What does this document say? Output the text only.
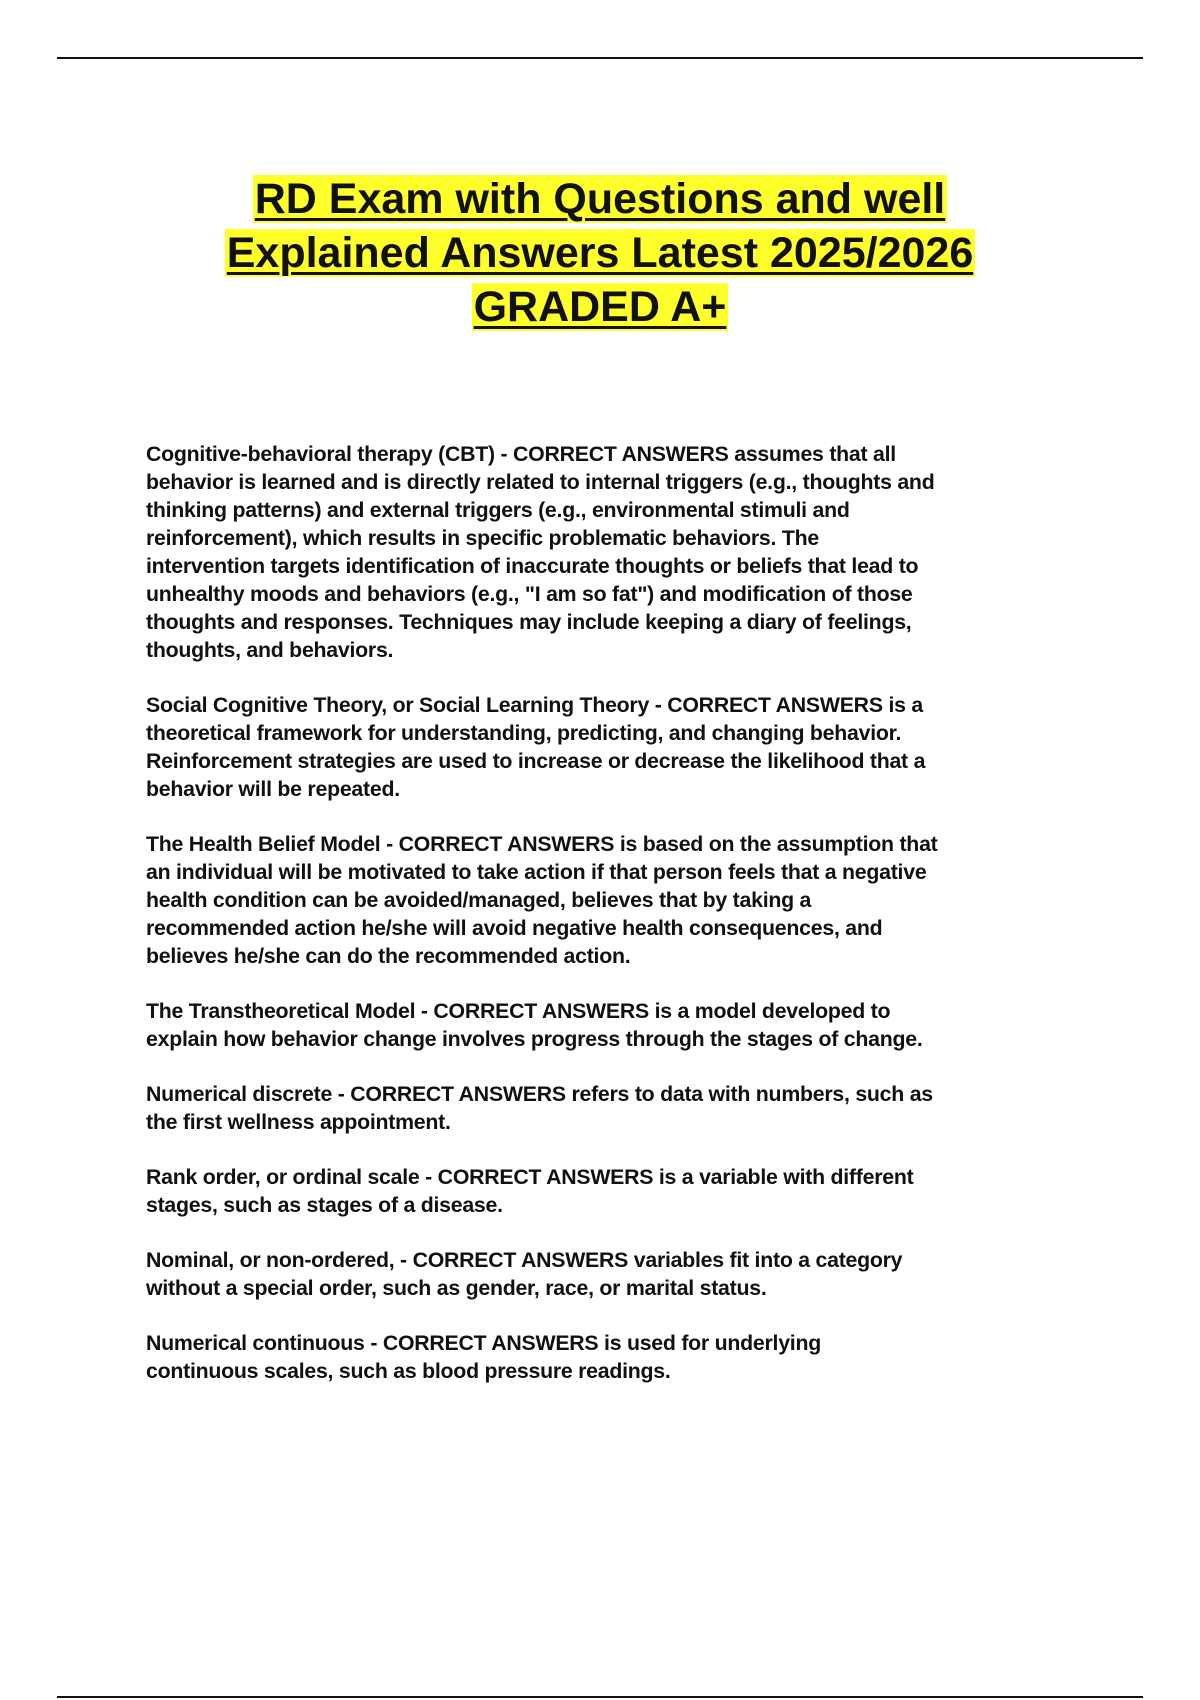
RD Exam with Questions and well
Explained Answers Latest 2025/2026
GRADED A+

Cognitive-behavioral therapy (CBT) - CORRECT ANSWERS assumes that all
behavior is learned and is directly related to internal triggers (e.g., thoughts and
thinking patterns) and external triggers (e.g., environmental stimuli and
reinforcement), which results in specific problematic behaviors. The
intervention targets identification of inaccurate thoughts or beliefs that lead to
unhealthy moods and behaviors (e.g., "I am so fat") and modification of those
thoughts and responses. Techniques may include keeping a diary of feelings,
thoughts, and behaviors.

Social Cognitive Theory, or Social Learning Theory - CORRECT ANSWERS is a
theoretical framework for understanding, predicting, and changing behavior.
Reinforcement strategies are used to increase or decrease the likelihood that a
behavior will be repeated.

The Health Belief Model - CORRECT ANSWERS is based on the assumption that
an individual will be motivated to take action if that person feels that a negative
health condition can be avoided/managed, believes that by taking a
recommended action he/she will avoid negative health consequences, and
believes he/she can do the recommended action.

The Transtheoretical Model - CORRECT ANSWERS is a model developed to
explain how behavior change involves progress through the stages of change.

Numerical discrete - CORRECT ANSWERS refers to data with numbers, such as
the first wellness appointment.

Rank order, or ordinal scale - CORRECT ANSWERS is a variable with different
stages, such as stages of a disease.

Nominal, or non-ordered, - CORRECT ANSWERS variables fit into a category
without a special order, such as gender, race, or marital status.

Numerical continuous - CORRECT ANSWERS is used for underlying
continuous scales, such as blood pressure readings.
